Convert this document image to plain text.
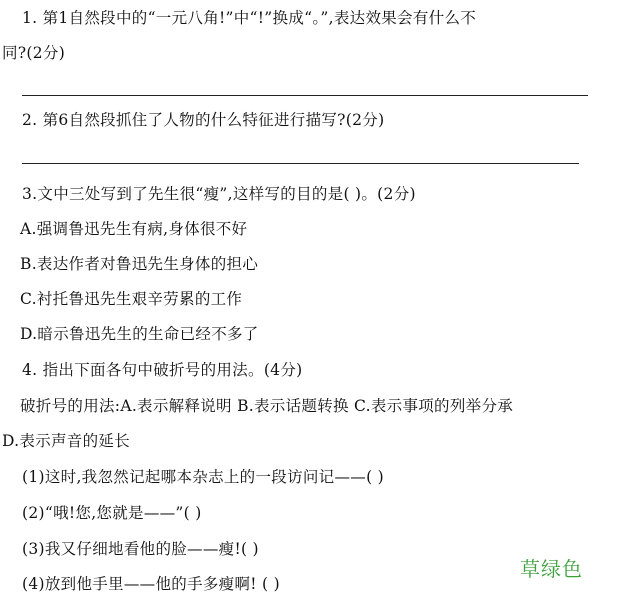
1. 第1自然段中的“一元八角!”中“!”换成“。”,表达效果会有什么不
同?(2分)
2. 第6自然段抓住了人物的什么特征进行描写?(2分)
3.文中三处写到了先生很“瘦”,这样写的目的是( )。(2分)
A.强调鲁迅先生有病,身体很不好
B.表达作者对鲁迅先生身体的担心
C.衬托鲁迅先生艰辛劳累的工作
D.暗示鲁迅先生的生命已经不多了
4. 指出下面各句中破折号的用法。(4分)
破折号的用法:A.表示解释说明 B.表示话题转换 C.表示事项的列举分承
D.表示声音的延长
(1)这时,我忽然记起哪本杂志上的一段访问记——( )
(2)“哦!您,您就是——”( )
(3)我又仔细地看他的脸——瘦!( )
(4)放到他手里——他的手多瘦啊! ( )
草绿色
